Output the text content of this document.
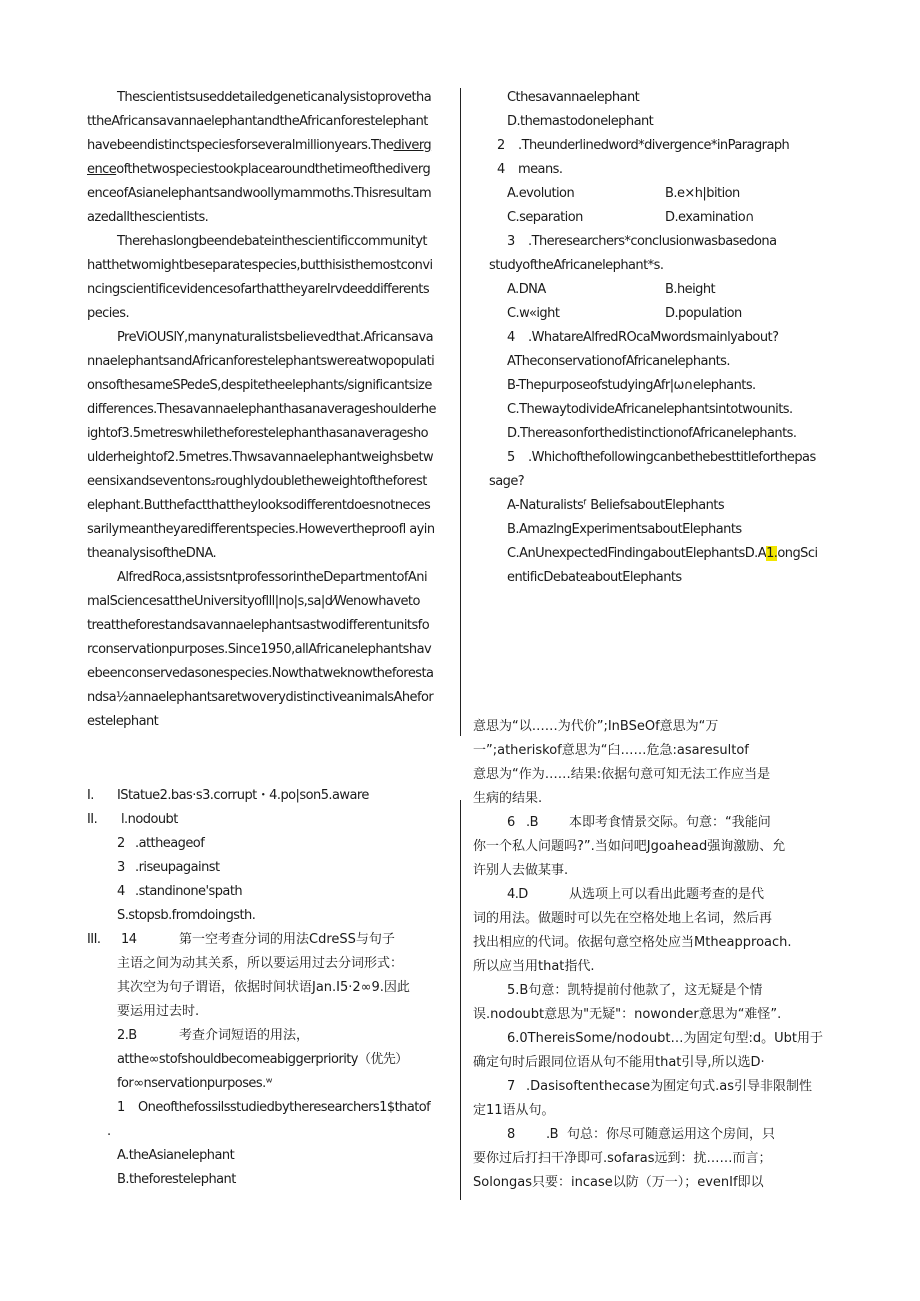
Thescientistsuseddetailedgeneticanalysistoprovetha
ttheAfricansavannaelephantandtheAfricanforestelephant
havebeendistinctspeciesforseveralmillionyears.Thediverg
enceofthetwospeciestookplacearoundthetimeofthediverg
enceofAsianelephantsandwoollymammoths.Thisresultam
azedallthescientists.
Therehaslongbeendebateinthescientificcommunityt
hatthetwomightbeseparatespecies,butthisisthemostconvi
ncingscientificevidencesofarthattheyareIrvdeeddifferents
pecies.
PreViOUSlY,manynaturalistsbelievedthat.Africansava
nnaelephantsandAfricanforestelephantswereatwopopulati
onsofthesameSPedeS,despitetheelephants/significantsize
differences.Thesavannaelephanthasanaverageshoulderhe
ightof3.5metreswhiletheforestelephanthasanaverageshо
ulderheightof2.5metres.Thwsavannaelephantweighsbetw
eensixandseventons₂roughlydoubletheweightoftheforest
elephant.Butthefactthattheylooksodifferentdoesnotneces
sarilymeantheyaredifferentspecies.Howevertheproofl ayin
theanalysisoftheDNA.
AlfredRoca,assistsntprofessorintheDepartmentofAni
malSciencesattheUniversityoflll|no|s,sa|d⁄Wenowhaveto
treattheforestandsavannaelephantsastwodifferentunitsfo
rconservationpurposes.Since1950,allAfricanelephantshav
ebeenconservedasonespecies.Nowthatweknowtheforesta
ndsa½annaelephantsaretwoverydistinctiveanimalsAhefor
estelephant
Cthesavannaelephant
D.themastodonelephant
2 .Theunderlinedword*divergence*inParagraph
4 means.
A.evolution	B.e×h|bition
C.separation	D.examinatio∩
3 .Theresearchers*conclusionwasbasedona
studyoftheAfricanelephant*s.
A.DNA	B.height
C.w«ight	D.population
4 .WhatareAlfredROcaMwordsmainlyabout?
ATheconservationofAfricanelephants.
B-ThepurposeofstudyingAfr|ω∩elephants.
C.ThewaytodivideAfricanelephantsintotwounits.
D.ThereasonforthedistinctionofAfricanelephants.
5 .Whichofthefollowingcanbethebesttitleforthepas
sage?
A-Naturalistsᶠ BeliefsaboutElephants
B.AmazlngExperimentsaboutElephants
C.AnUnexpectedFindingaboutElephantsD.A1.ongSci
entificDebateaboutElephants
I. IStatue2.bas·s3.corrupt・4.po|son5.aware
II. l.nodoubt
2 .attheageof
3 .riseupagainst
4 .standinone'spath
S.stopsb.fromdoingsth.
III. 14	第一空考查分词的用法CdreSS与句子
主语之间为动其关系，所以要运用过去分词形式：
其次空为句子谓语，依据时间状语Jan.I5·2∞9.因此
要运用过去时.
2.B	考查介词短语的用法，
atthe∞stofshouldbecomeabiggerpriority（优先）
for∞nservationpurposes.ʷ
1 Oneofthefossilsstudiedbytheresearchers1$thatof
.
A.theAsianelephant
B.theforestelephant
意思为“以……为代价”;InBSeOf意思为“万
一”;atheriskof意思为“臼……危急:asaresultof
意思为“作为……结果:依据句意可知无法工作应当是
生病的结果.
6 .B 本即考食情景交际。句意：“我能问
你一个私人问题吗?”.当如问吧Jgoahead强询激励、允
许别人去做某事.
4.D	从选项上可以看出此题考查的是代
词的用法。做题时可以先在空格处地上名词，然后再
找出相应的代词。依据句意空格处应当Mtheapproach.
所以应当用that指代.
5.B句意：凯特提前付他款了，这无疑是个情
误.nodoubt意思为"无疑"：nowonder意思为“难怪”.
6.0ThereisSome/nodoubt…为固定句型:d。Ubt用于
确定句时后跟同位语从句不能用that引导,所以选D·
7 .Dasisoftenthecase为囿定句式.as引导非限制性
定11语从句。
8 .B 句总：你尽可随意运用这个房间，只
要你过后打扫干净即可.sofaras远到：扰……而言；
Solongas只要：incase以防（万一）；evenIf即以
